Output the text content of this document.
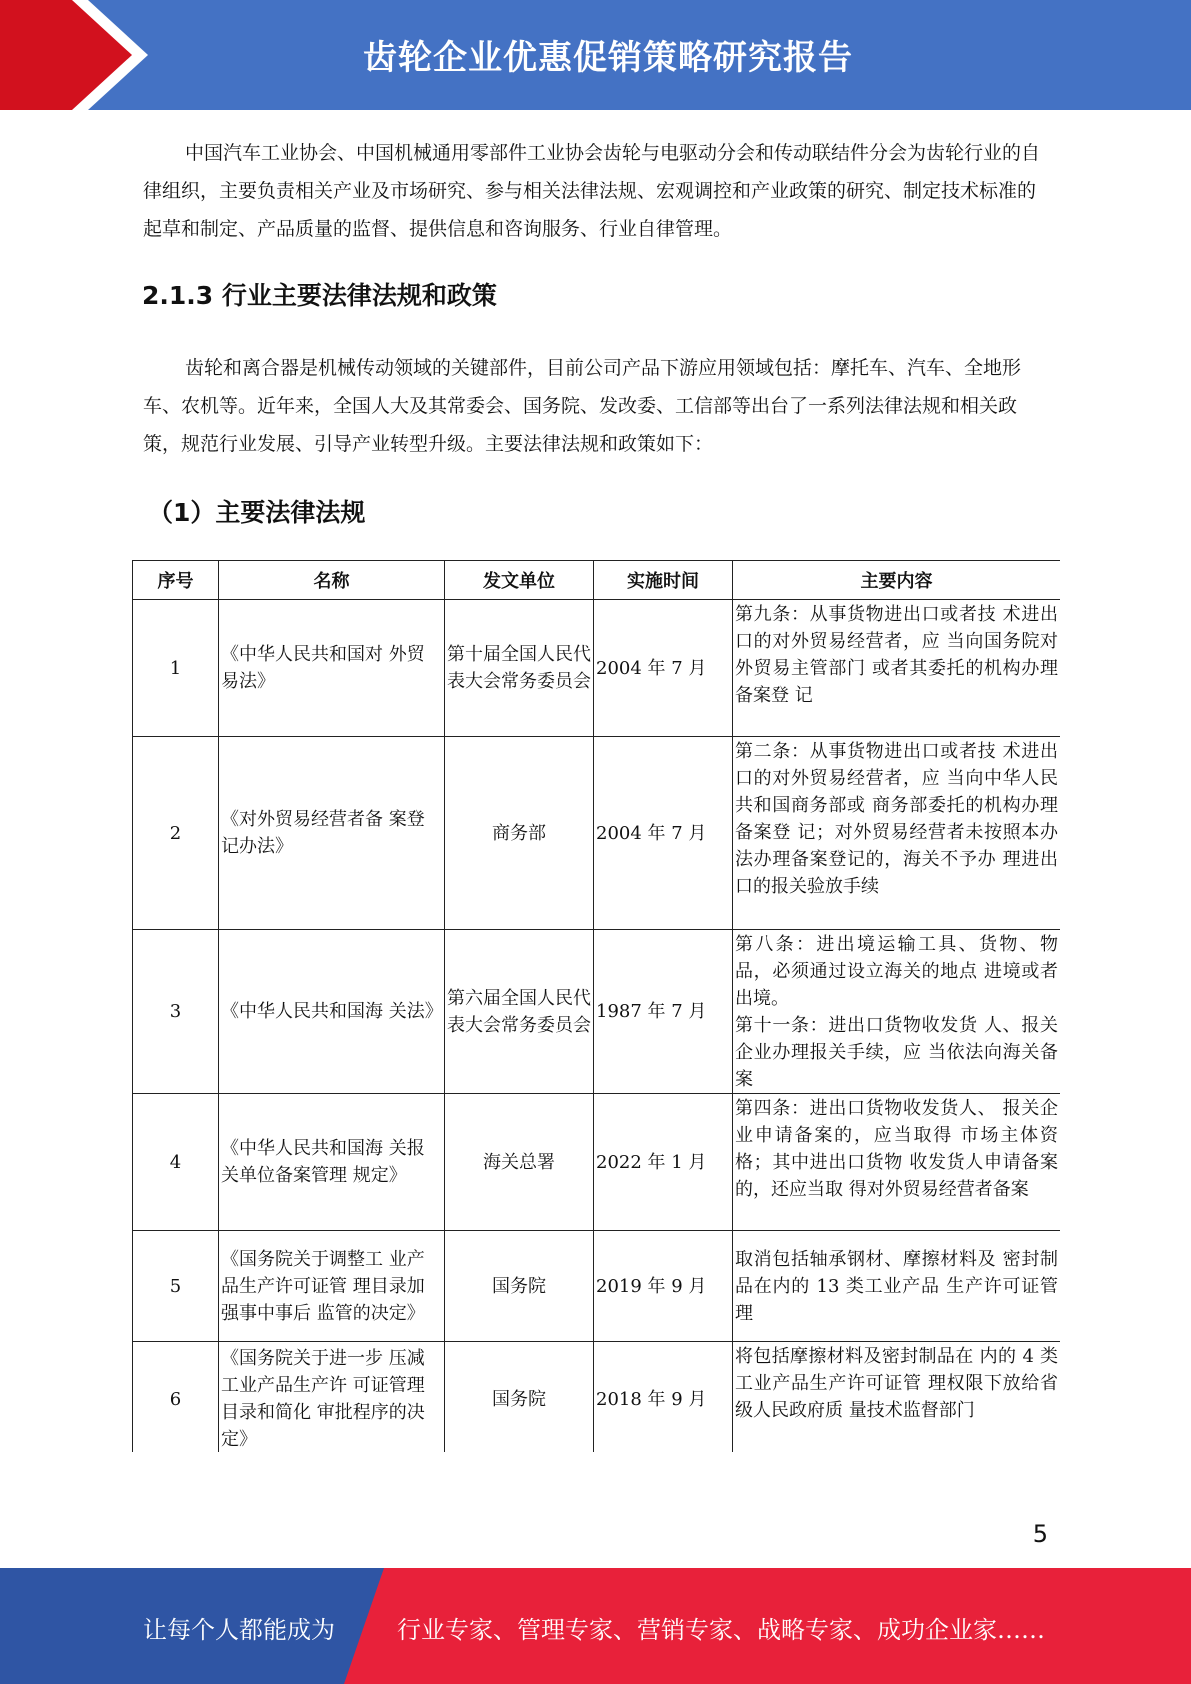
齿轮企业优惠促销策略研究报告

中国汽车工业协会、中国机械通用零部件工业协会齿轮与电驱动分会和传动联结件分会为齿轮行业的自律组织，主要负责相关产业及市场研究、参与相关法律法规、宏观调控和产业政策的研究、制定技术标准的起草和制定、产品质量的监督、提供信息和咨询服务、行业自律管理。

2.1.3 行业主要法律法规和政策

齿轮和离合器是机械传动领域的关键部件，目前公司产品下游应用领域包括：摩托车、汽车、全地形车、农机等。近年来，全国人大及其常委会、国务院、发改委、工信部等出台了一系列法律法规和相关政策，规范行业发展、引导产业转型升级。主要法律法规和政策如下：

（1）主要法律法规
序号	名称	发文单位	实施时间	主要内容
1	《中华人民共和国对 外贸易法》	第十届全国人民代表大会常务委员会	2004 年 7 月	第九条：从事货物进出口或者技 术进出口的对外贸易经营者，应 当向国务院对外贸易主管部门 或者其委托的机构办理备案登 记
2	《对外贸易经营者备 案登记办法》	商务部	2004 年 7 月	第二条：从事货物进出口或者技 术进出口的对外贸易经营者，应 当向中华人民共和国商务部或 商务部委托的机构办理备案登 记；对外贸易经营者未按照本办 法办理备案登记的，海关不予办 理进出口的报关验放手续
3	《中华人民共和国海 关法》	第六届全国人民代表大会常务委员会	1987 年 7 月	第八条：进出境运输工具、货物、物品，必须通过设立海关的地点 进境或者出境。
第十一条：进出口货物收发货 人、报关企业办理报关手续，应 当依法向海关备案
4	《中华人民共和国海 关报关单位备案管理 规定》	海关总署	2022 年 1 月	第四条：进出口货物收发货人、 报关企业申请备案的，应当取得 市场主体资格；其中进出口货物 收发货人申请备案的，还应当取 得对外贸易经营者备案
5	《国务院关于调整工 业产品生产许可证管 理目录加强事中事后 监管的决定》	国务院	2019 年 9 月	取消包括轴承钢材、摩擦材料及 密封制品在内的 13 类工业产品 生产许可证管理
6	《国务院关于进一步 压减工业产品生产许 可证管理目录和简化 审批程序的决定》	国务院	2018 年 9 月	将包括摩擦材料及密封制品在 内的 4 类工业产品生产许可证管 理权限下放给省级人民政府质 量技术监督部门
5
让每个人都能成为	行业专家、管理专家、营销专家、战略专家、成功企业家……
